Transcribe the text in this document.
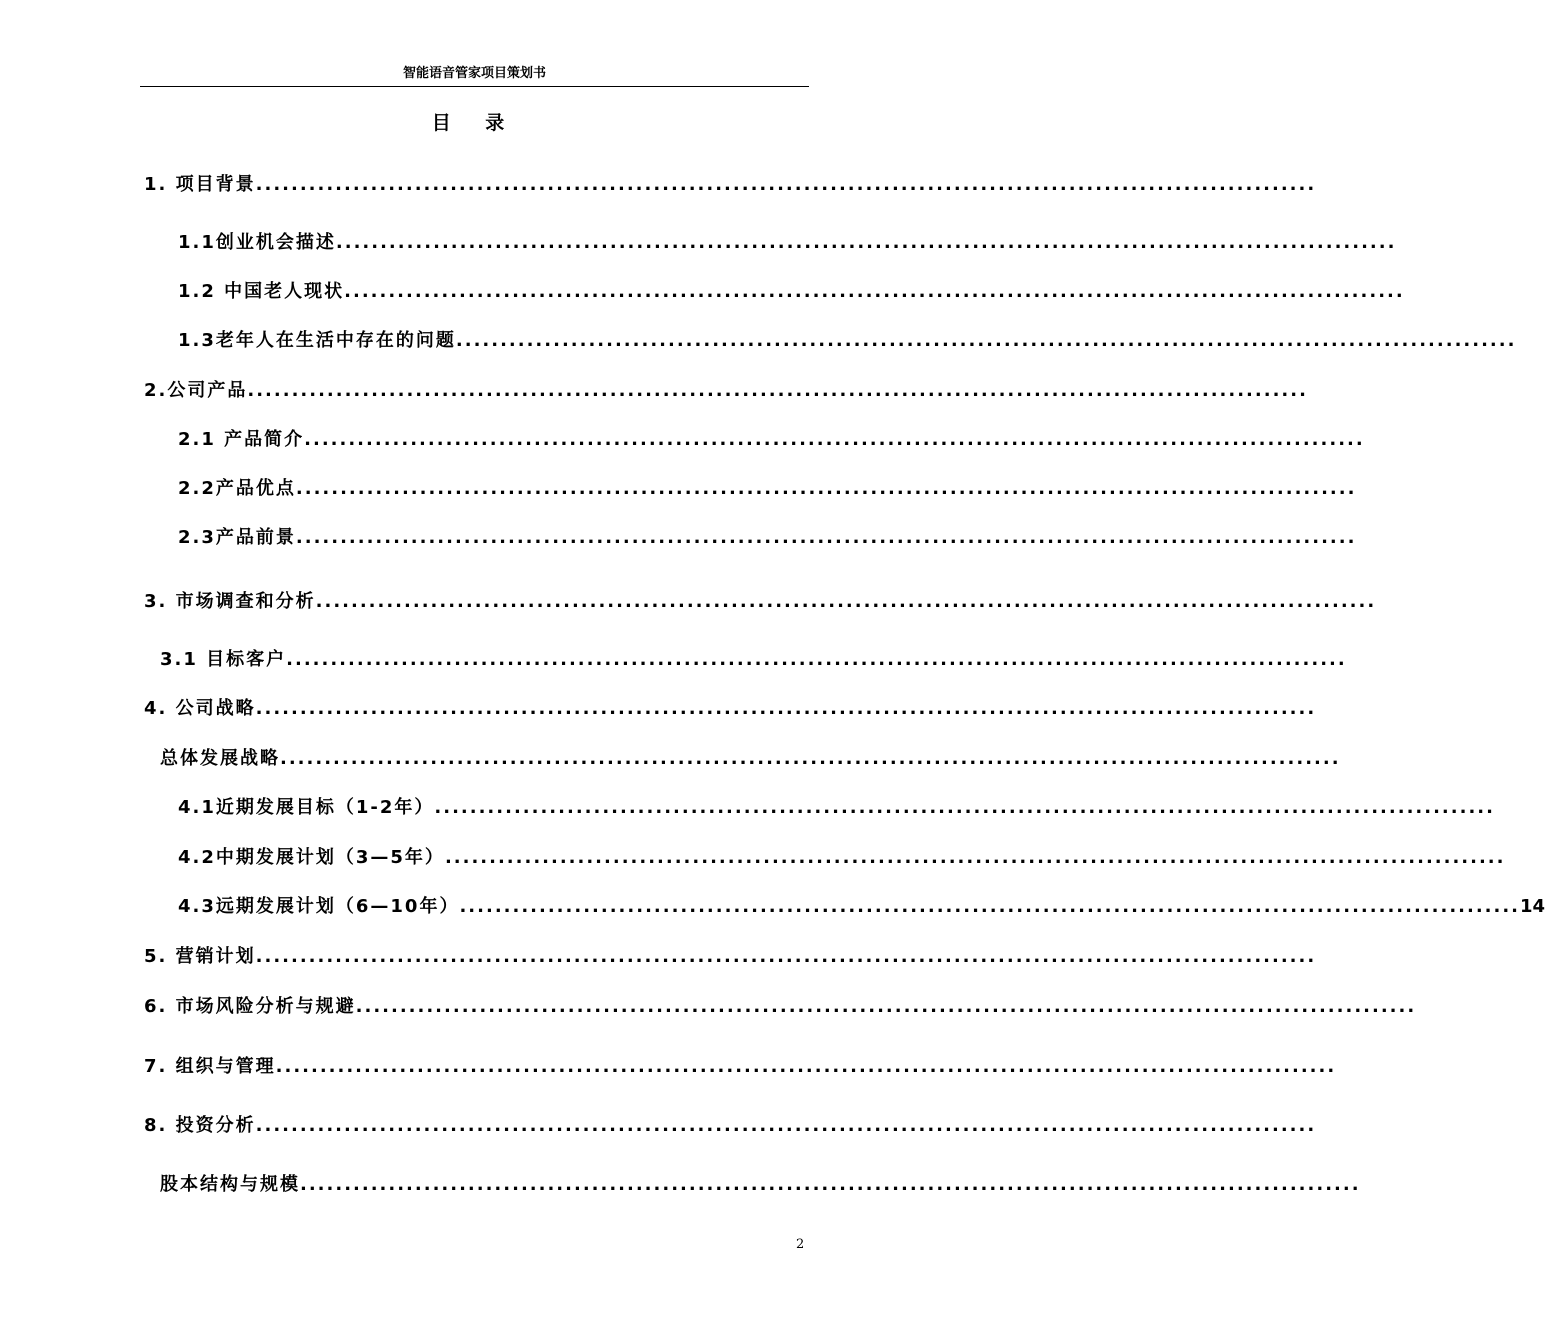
智能语音管家项目策划书
目 录
1. 项目背景 ........................................................................................................................
1.1创业机会描述 ........................................................................................................................
1.2 中国老人现状 ........................................................................................................................
1.3老年人在生活中存在的问题 ........................................................................................................................
2.公司产品 ........................................................................................................................
2.1 产品简介 ........................................................................................................................
2.2产品优点 ........................................................................................................................
2.3产品前景 ........................................................................................................................
3. 市场调查和分析 ........................................................................................................................
3.1 目标客户 ........................................................................................................................
4. 公司战略 ........................................................................................................................
总体发展战略 ........................................................................................................................
4.1近期发展目标（1-2年） ........................................................................................................................
4.2中期发展计划（3—5年） ........................................................................................................................
4.3远期发展计划（6—10年） ........................................................................................................................ 14
5. 营销计划 ........................................................................................................................
6. 市场风险分析与规避 ........................................................................................................................
7. 组织与管理 ........................................................................................................................
8. 投资分析 ........................................................................................................................
股本结构与规模 ........................................................................................................................
2
